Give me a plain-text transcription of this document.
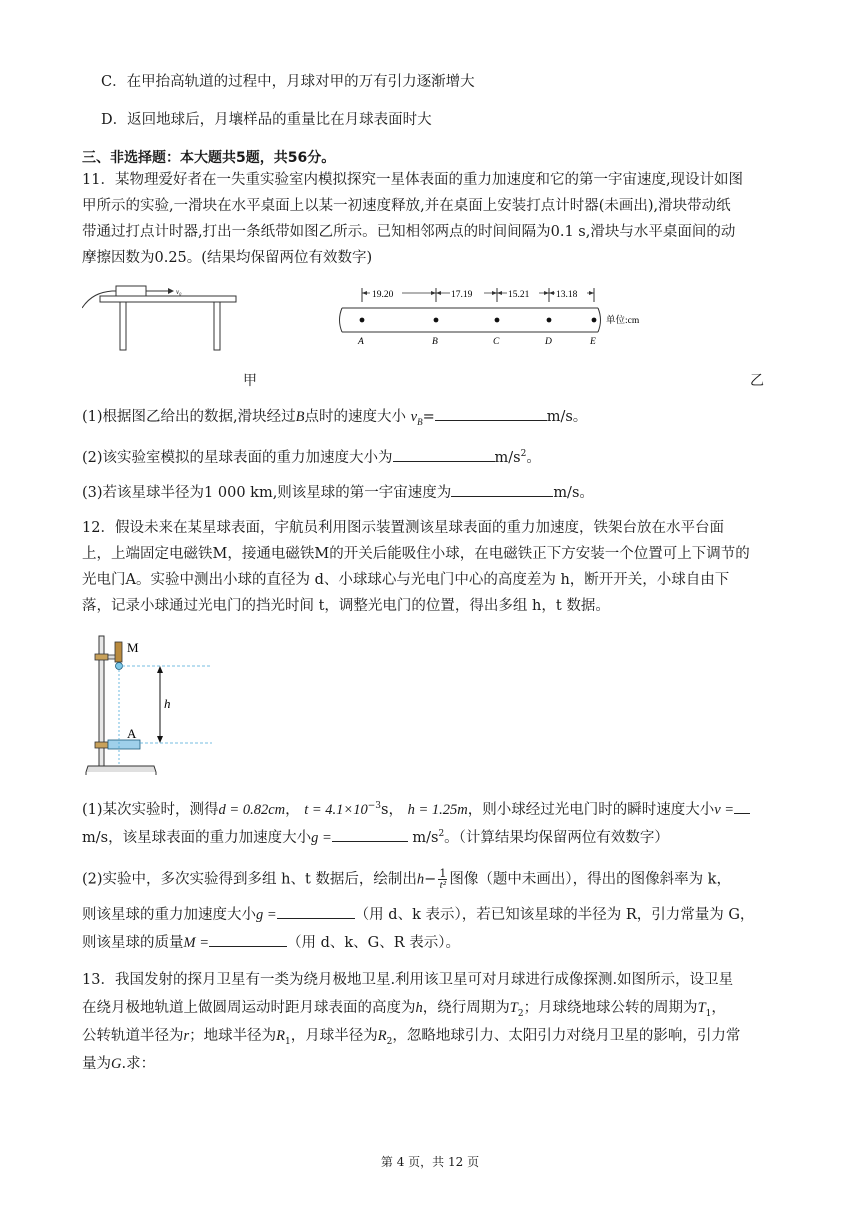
C．在甲抬高轨道的过程中，月球对甲的万有引力逐渐增大
D．返回地球后，月壤样品的重量比在月球表面时大
三、非选择题：本大题共5题，共56分。
11．某物理爱好者在一失重实验室内模拟探究一星体表面的重力加速度和它的第一宇宙速度,现设计如图
甲所示的实验,一滑块在水平桌面上以某一初速度释放,并在桌面上安装打点计时器(未画出),滑块带动纸
带通过打点计时器,打出一条纸带如图乙所示。已知相邻两点的时间间隔为0.1 s,滑块与水平桌面间的动
摩擦因数为0.25。(结果均保留两位有效数字)
v₀
甲
19.20	17.19	15.21	13.18
单位:cm
A	B	C	D	E
乙
(1)根据图乙给出的数据,滑块经过B点时的速度大小 $v_B=$	m/s。
(2)该实验室模拟的星球表面的重力加速度大小为	$m/s^2$。
(3)若该星球半径为1 000 km,则该星球的第一宇宙速度为	m/s。
12．假设未来在某星球表面，宇航员利用图示装置测该星球表面的重力加速度，铁架台放在水平台面
上，上端固定电磁铁M，接通电磁铁M的开关后能吸住小球，在电磁铁正下方安装一个位置可上下调节的
光电门A。实验中测出小球的直径为 d、小球球心与光电门中心的高度差为 h，断开开关，小球自由下
落，记录小球通过光电门的挡光时间 t，调整光电门的位置，得出多组 h，t 数据。
M
A
h
(1)某次实验时，测得d = 0.82cm， $t = 4.1\times 10^{-3}s$， h = 1.25m，则小球经过光电门时的瞬时速度大小v =
m/s，该星球表面的重力加速度大小g =	$m/s^2$。（计算结果均保留两位有效数字）
(2)实验中，多次实验得到多组 h、t 数据后，绘制出$h- \frac{1}{\text{t²}}$ 图像（题中未画出），得出的图像斜率为 k，
则该星球的重力加速度大小g =	（用 d、k 表示），若已知该星球的半径为 R，引力常量为 G，
则该星球的质量M =	（用 d、k、G、R 表示）。
13．我国发射的探月卫星有一类为绕月极地卫星.利用该卫星可对月球进行成像探测.如图所示，设卫星
在绕月极地轨道上做圆周运动时距月球表面的高度为h，绕行周期为$T_2$；月球绕地球公转的周期为$T_1$，
公转轨道半径为r；地球半径为$R_1$，月球半径为$R_2$，忽略地球引力、太阳引力对绕月卫星的影响，引力常
量为G.求：
第 4 页，共 12 页
